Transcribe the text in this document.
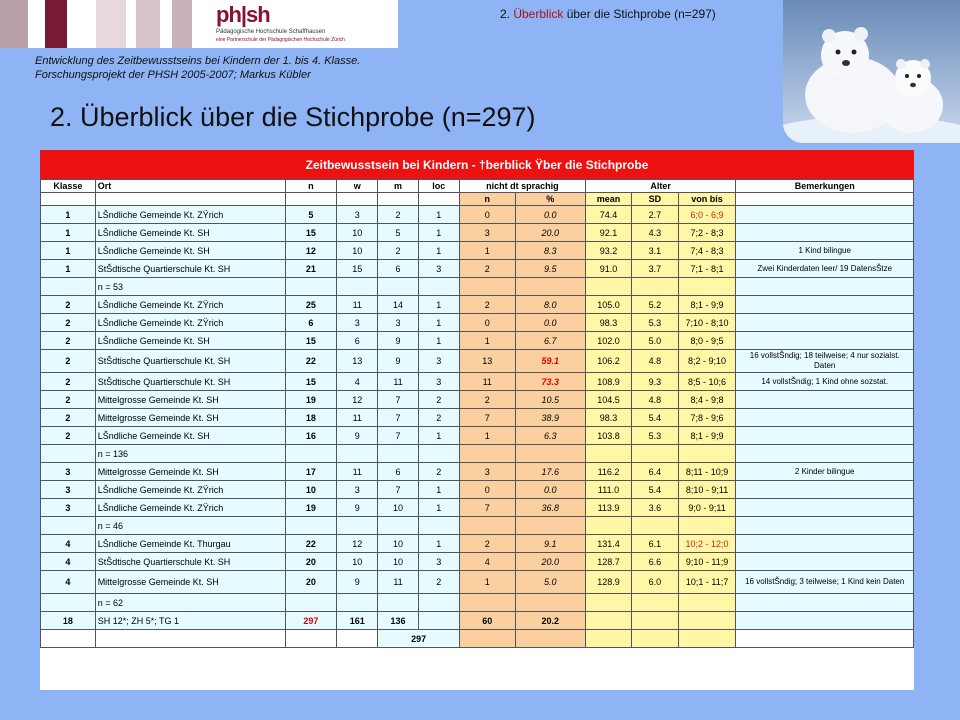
ph|sh
Pädagogische Hochschule Schaffhausen
eine Partnerschule der Pädagogischen Hochschule Zürich
2. Überblick über die Stichprobe (n=297)
Entwicklung des Zeitbewusstseins bei Kindern der 1. bis 4. Klasse.
Forschungsprojekt der PHSH 2005-2007; Markus Kübler
2. Überblick über die Stichprobe (n=297)
Zeitbewusstsein bei Kindern - †berblick Ÿber die Stichprobe
Klasse	Ort	n	w	m	loc	nicht dt sprachig		Alter			Bemerkungen
						n	%	mean	SD	von bis	
1	LŠndliche Gemeinde Kt. ZŸrich	5	3	2	1	0	0.0	74.4	2.7	6;0 - 6;9	
1	LŠndliche Gemeinde Kt. SH	15	10	5	1	3	20.0	92.1	4.3	7;2 - 8;3	
1	LŠndliche Gemeinde Kt. SH	12	10	2	1	1	8.3	93.2	3.1	7;4 - 8;3	1 Kind bilingue
1	StŠdtische Quartierschule Kt. SH	21	15	6	3	2	9.5	91.0	3.7	7;1 - 8;1	Zwei Kinderdaten leer/ 19 DatensŠtze
	n = 53										
2	LŠndliche Gemeinde Kt. ZŸrich	25	11	14	1	2	8.0	105.0	5.2	8;1 - 9;9	
2	LŠndliche Gemeinde Kt. ZŸrich	6	3	3	1	0	0.0	98.3	5.3	7;10 - 8;10	
2	LŠndliche Gemeinde Kt. SH	15	6	9	1	1	6.7	102.0	5.0	8;0 - 9;5	
2	StŠdtische Quartierschule Kt. SH	22	13	9	3	13	59.1	106.2	4.8	8;2 - 9;10	16 vollstŠndig; 18 teilweise; 4 nur sozialst. Daten
2	StŠdtische Quartierschule Kt. SH	15	4	11	3	11	73.3	108.9	9.3	8;5 - 10;6	14 vollstŠndig; 1 Kind ohne sozstat.
2	Mittelgrosse Gemeinde Kt. SH	19	12	7	2	2	10.5	104.5	4.8	8;4 - 9;8	
2	Mittelgrosse Gemeinde Kt. SH	18	11	7	2	7	38.9	98.3	5.4	7;8 - 9;6	
2	LŠndliche Gemeinde Kt. SH	16	9	7	1	1	6.3	103.8	5.3	8;1 - 9;9	
	n = 136										
3	Mittelgrosse Gemeinde Kt. SH	17	11	6	2	3	17.6	116.2	6.4	8;11 - 10;9	2 Kinder bilingue
3	LŠndliche Gemeinde Kt. ZŸrich	10	3	7	1	0	0.0	111.0	5.4	8;10 - 9;11	
3	LŠndliche Gemeinde Kt. ZŸrich	19	9	10	1	7	36.8	113.9	3.6	9;0 - 9;11	
	n = 46										
4	LŠndliche Gemeinde Kt. Thurgau	22	12	10	1	2	9.1	131.4	6.1	10;2 - 12;0	
4	StŠdtische Quartierschule Kt. SH	20	10	10	3	4	20.0	128.7	6.6	9;10 - 11;9	
4	Mittelgrosse Gemeinde Kt. SH	20	9	11	2	1	5.0	128.9	6.0	10;1 - 11;7	16 vollstŠndig; 3 teilweise; 1 Kind kein Daten
	n = 62										
18	SH 12*; ZH 5*; TG 1	297	161	136		60	20.2				
				297							
